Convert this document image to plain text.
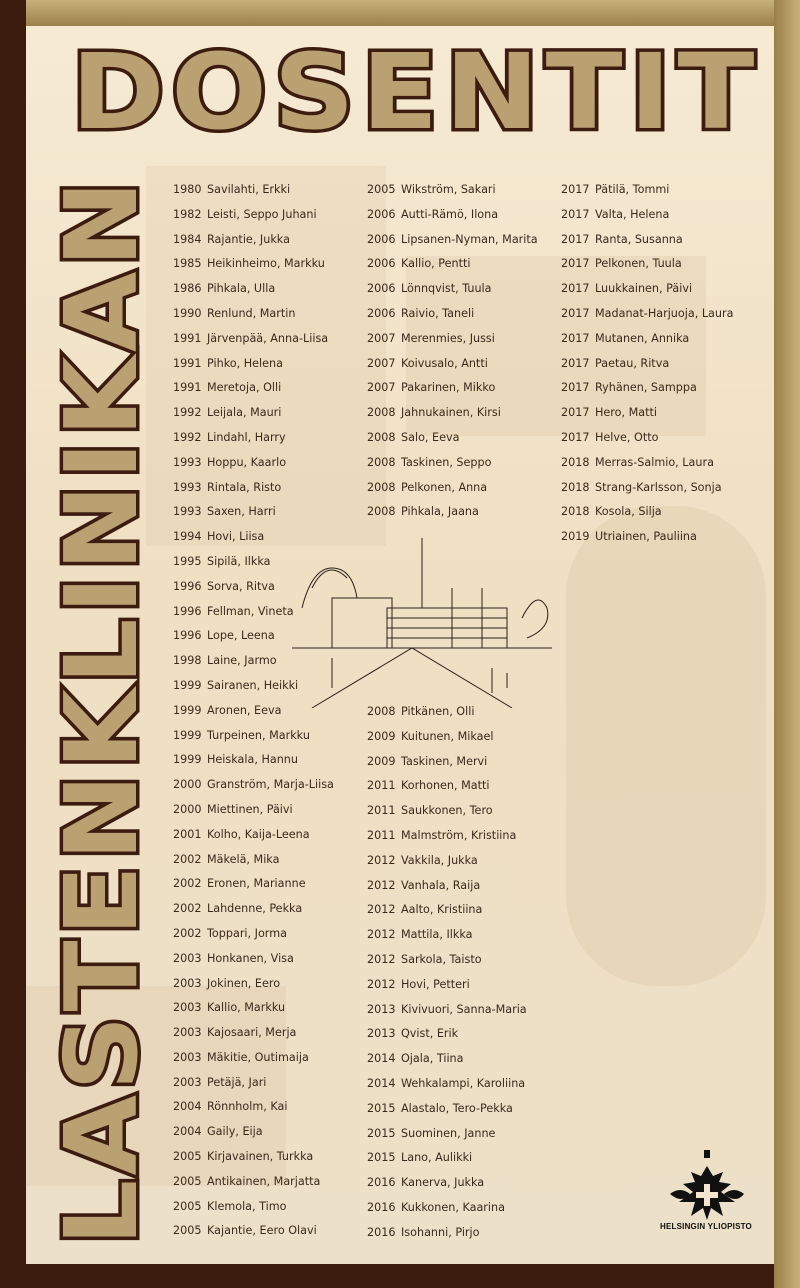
DOSENTIT
LASTENKLINIKAN
1980 Savilahti, Erkki
1982 Leisti, Seppo Juhani
1984 Rajantie, Jukka
1985 Heikinheimo, Markku
1986 Pihkala, Ulla
1990 Renlund, Martin
1991 Järvenpää, Anna-Liisa
1991 Pihko, Helena
1991 Meretoja, Olli
1992 Leijala, Mauri
1992 Lindahl, Harry
1993 Hoppu, Kaarlo
1993 Rintala, Risto
1993 Saxen, Harri
1994 Hovi, Liisa
1995 Sipilä, Ilkka
1996 Sorva, Ritva
1996 Fellman, Vineta
1996 Lope, Leena
1998 Laine, Jarmo
1999 Sairanen, Heikki
1999 Aronen, Eeva
1999 Turpeinen, Markku
1999 Heiskala, Hannu
2000 Granström, Marja-Liisa
2000 Miettinen, Päivi
2001 Kolho, Kaija-Leena
2002 Mäkelä, Mika
2002 Eronen, Marianne
2002 Lahdenne, Pekka
2002 Toppari, Jorma
2003 Honkanen, Visa
2003 Jokinen, Eero
2003 Kallio, Markku
2003 Kajosaari, Merja
2003 Mäkitie, Outimaija
2003 Petäjä, Jari
2004 Rönnholm, Kai
2004 Gaily, Eija
2005 Kirjavainen, Turkka
2005 Antikainen, Marjatta
2005 Klemola, Timo
2005 Kajantie, Eero Olavi
2005 Wikström, Sakari
2006 Autti-Rämö, Ilona
2006 Lipsanen-Nyman, Marita
2006 Kallio, Pentti
2006 Lönnqvist, Tuula
2006 Raivio, Taneli
2007 Merenmies, Jussi
2007 Koivusalo, Antti
2007 Pakarinen, Mikko
2008 Jahnukainen, Kirsi
2008 Salo, Eeva
2008 Taskinen, Seppo
2008 Pelkonen, Anna
2008 Pihkala, Jaana
2008 Pitkänen, Olli
2009 Kuitunen, Mikael
2009 Taskinen, Mervi
2011 Korhonen, Matti
2011 Saukkonen, Tero
2011 Malmström, Kristiina
2012 Vakkila, Jukka
2012 Vanhala, Raija
2012 Aalto, Kristiina
2012 Mattila, Ilkka
2012 Sarkola, Taisto
2012 Hovi, Petteri
2013 Kivivuori, Sanna-Maria
2013 Qvist, Erik
2014 Ojala, Tiina
2014 Wehkalampi, Karoliina
2015 Alastalo, Tero-Pekka
2015 Suominen, Janne
2015 Lano, Aulikki
2016 Kanerva, Jukka
2016 Kukkonen, Kaarina
2016 Isohanni, Pirjo
2017 Pätilä, Tommi
2017 Valta, Helena
2017 Ranta, Susanna
2017 Pelkonen, Tuula
2017 Luukkainen, Päivi
2017 Madanat-Harjuoja, Laura
2017 Mutanen, Annika
2017 Paetau, Ritva
2017 Ryhänen, Samppa
2017 Hero, Matti
2017 Helve, Otto
2018 Merras-Salmio, Laura
2018 Strang-Karlsson, Sonja
2018 Kosola, Silja
2019 Utriainen, Pauliina
HELSINGIN YLIOPISTO
